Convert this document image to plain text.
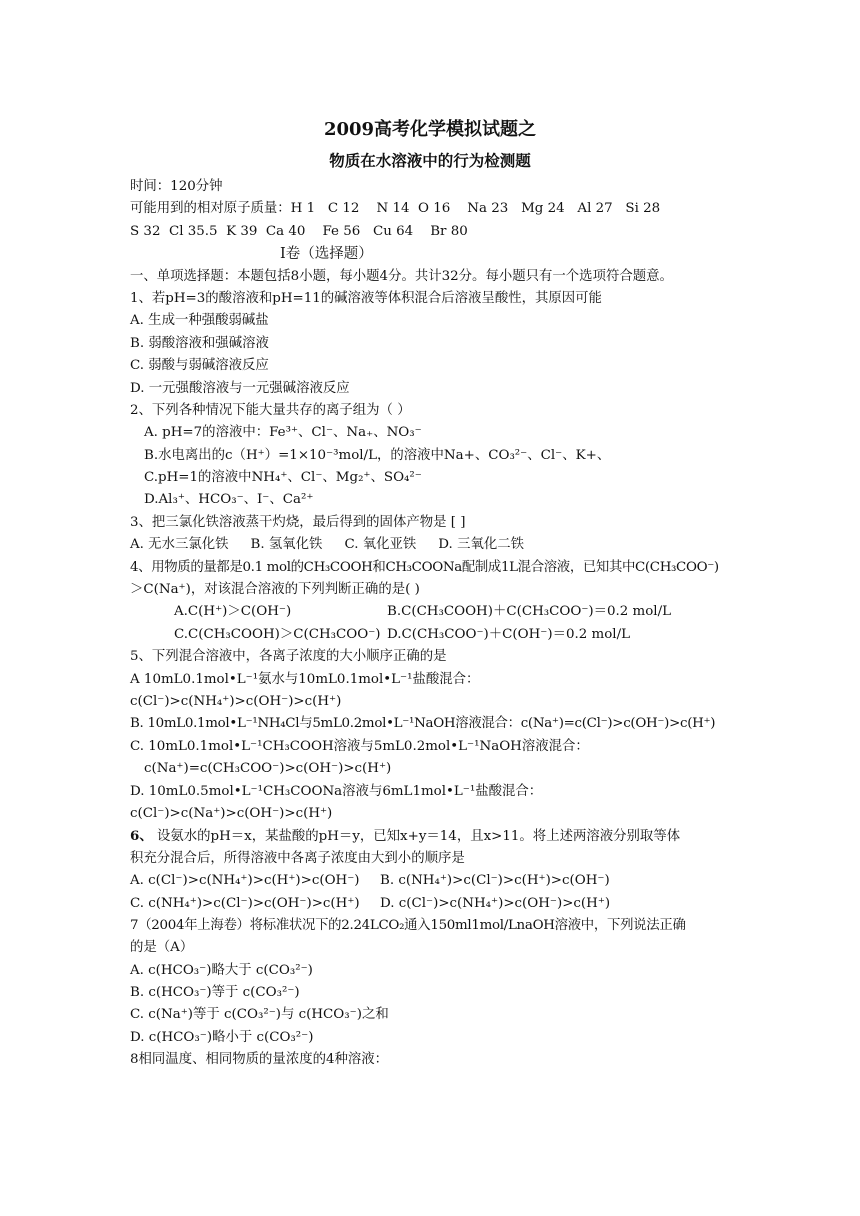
2009高考化学模拟试题之
物质在水溶液中的行为检测题
时间：120分钟
可能用到的相对原子质量：H 1   C 12    N 14  O 16    Na 23   Mg 24   Al 27   Si 28
S 32  Cl 35.5  K 39  Ca 40    Fe 56   Cu 64    Br 80
Ⅰ卷（选择题）
一、单项选择题：本题包括8小题，每小题4分。共计32分。每小题只有一个选项符合题意。
1、若pH=3的酸溶液和pH=11的碱溶液等体积混合后溶液呈酸性，其原因可能
A. 生成一种强酸弱碱盐
B. 弱酸溶液和强碱溶液
C. 弱酸与弱碱溶液反应
D. 一元强酸溶液与一元强碱溶液反应
2、下列各种情况下能大量共存的离子组为（ ）
A. pH=7的溶液中：Fe³⁺、Cl⁻、Na₊、NO₃⁻
B.水电离出的c（H⁺）=1×10⁻³mol/L，的溶液中Na+、CO₃²⁻、Cl⁻、K+、
C.pH=1的溶液中NH₄⁺、Cl⁻、Mg₂⁺、SO₄²⁻
D.Al₃⁺、HCO₃⁻、I⁻、Ca²⁺
3、把三氯化铁溶液蒸干灼烧，最后得到的固体产物是 [ ]
A. 无水三氯化铁 B. 氢氧化铁 C. 氧化亚铁 D. 三氧化二铁
4、用物质的量都是0.1 mol的CH₃COOH和CH₃COONa配制成1L混合溶液，已知其中C(CH₃COO⁻)
＞C(Na⁺)，对该混合溶液的下列判断正确的是( )
A.C(H⁺)＞C(OH⁻)	B.C(CH₃COOH)＋C(CH₃COO⁻)＝0.2 mol/L
C.C(CH₃COOH)＞C(CH₃COO⁻) D.C(CH₃COO⁻)＋C(OH⁻)＝0.2 mol/L
5、下列混合溶液中，各离子浓度的大小顺序正确的是
A 10mL0.1mol•L⁻¹氨水与10mL0.1mol•L⁻¹盐酸混合：
c(Cl⁻)>c(NH₄⁺)>c(OH⁻)>c(H⁺)
B. 10mL0.1mol•L⁻¹NH₄Cl与5mL0.2mol•L⁻¹NaOH溶液混合：c(Na⁺)=c(Cl⁻)>c(OH⁻)>c(H⁺)
C. 10mL0.1mol•L⁻¹CH₃COOH溶液与5mL0.2mol•L⁻¹NaOH溶液混合：
c(Na⁺)=c(CH₃COO⁻)>c(OH⁻)>c(H⁺)
D. 10mL0.5mol•L⁻¹CH₃COONa溶液与6mL1mol•L⁻¹盐酸混合：
c(Cl⁻)>c(Na⁺)>c(OH⁻)>c(H⁺)
6、 设氨水的pH＝x，某盐酸的pH＝y，已知x+y＝14，且x>11。将上述两溶液分别取等体
积充分混合后，所得溶液中各离子浓度由大到小的顺序是
A. c(Cl⁻)>c(NH₄⁺)>c(H⁺)>c(OH⁻) B. c(NH₄⁺)>c(Cl⁻)>c(H⁺)>c(OH⁻)
C. c(NH₄⁺)>c(Cl⁻)>c(OH⁻)>c(H⁺) D. c(Cl⁻)>c(NH₄⁺)>c(OH⁻)>c(H⁺)
7（2004年上海卷）将标准状况下的2.24LCO₂通入150ml1mol/LnaOH溶液中，下列说法正确
的是（A）
A. c(HCO₃⁻)略大于 c(CO₃²⁻)
B. c(HCO₃⁻)等于 c(CO₃²⁻)
C. c(Na⁺)等于 c(CO₃²⁻)与 c(HCO₃⁻)之和
D. c(HCO₃⁻)略小于 c(CO₃²⁻)
8相同温度、相同物质的量浓度的4种溶液：
